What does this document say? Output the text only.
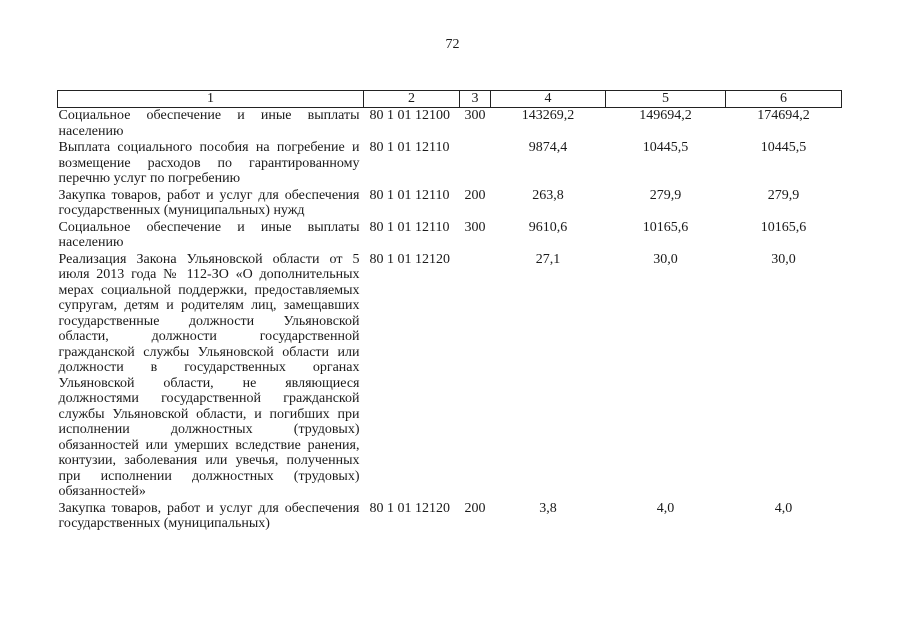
72
1	2	3	4	5	6
Социальное обеспечение и иные выплаты населению	80 1 01 12100	300	143269,2	149694,2	174694,2
Выплата социального пособия на погребение и возмещение расходов по гарантированному перечню услуг по погребению	80 1 01 12110		9874,4	10445,5	10445,5
Закупка товаров, работ и услуг для обеспечения государственных (муниципальных) нужд	80 1 01 12110	200	263,8	279,9	279,9
Социальное обеспечение и иные выплаты населению	80 1 01 12110	300	9610,6	10165,6	10165,6
Реализация Закона Ульяновской области от 5 июля 2013 года № 112-ЗО «О дополнительных мерах социальной поддержки, предоставляемых супругам, детям и родителям лиц, замещавших государственные должности Ульяновской области, должности государственной гражданской службы Ульяновской области или должности в государственных органах Ульяновской области, не являющиеся должностями государственной гражданской службы Ульяновской области, и погибших при исполнении должностных (трудовых) обязанностей или умерших вследствие ранения, контузии, заболевания или увечья, полученных при исполнении должностных (трудовых) обязанностей»	80 1 01 12120		27,1	30,0	30,0
Закупка товаров, работ и услуг для обеспечения государственных (муниципальных)	80 1 01 12120	200	3,8	4,0	4,0
